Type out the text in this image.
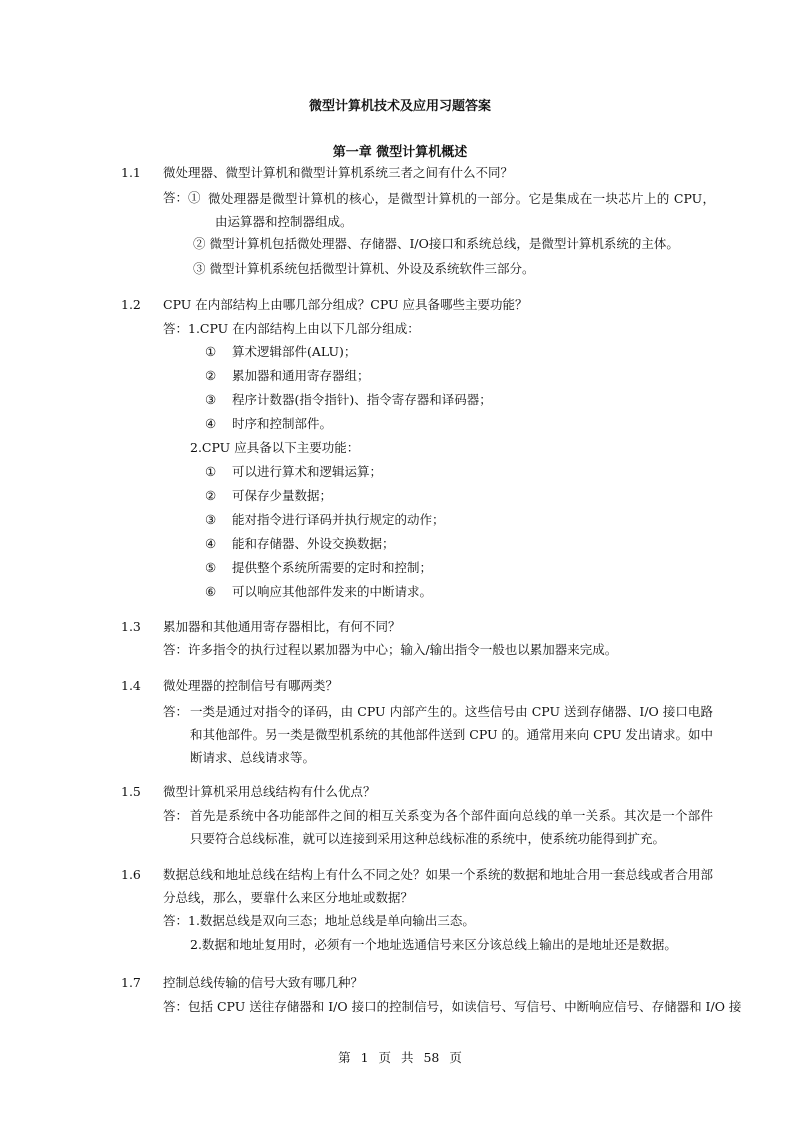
微型计算机技术及应用习题答案
第一章 微型计算机概述
1.1 微处理器、微型计算机和微型计算机系统三者之间有什么不同？
答：① 微处理器是微型计算机的核心，是微型计算机的一部分。它是集成在一块芯片上的 CPU，由运算器和控制器组成。
② 微型计算机包括微处理器、存储器、I/O接口和系统总线，是微型计算机系统的主体。
③ 微型计算机系统包括微型计算机、外设及系统软件三部分。
1.2 CPU 在内部结构上由哪几部分组成？CPU 应具备哪些主要功能？
答：1.CPU 在内部结构上由以下几部分组成：
① 算术逻辑部件(ALU)；
② 累加器和通用寄存器组；
③ 程序计数器(指令指针)、指令寄存器和译码器；
④ 时序和控制部件。
2.CPU 应具备以下主要功能：
① 可以进行算术和逻辑运算；
② 可保存少量数据；
③ 能对指令进行译码并执行规定的动作；
④ 能和存储器、外设交换数据；
⑤ 提供整个系统所需要的定时和控制；
⑥ 可以响应其他部件发来的中断请求。
1.3 累加器和其他通用寄存器相比，有何不同？
答：许多指令的执行过程以累加器为中心；输入/输出指令一般也以累加器来完成。
1.4 微处理器的控制信号有哪两类？
答： 一类是通过对指令的译码，由 CPU 内部产生的。这些信号由 CPU 送到存储器、I/O 接口电路和其他部件。另一类是微型机系统的其他部件送到 CPU 的。通常用来向 CPU 发出请求。如中断请求、总线请求等。
1.5 微型计算机采用总线结构有什么优点？
答： 首先是系统中各功能部件之间的相互关系变为各个部件面向总线的单一关系。其次是一个部件只要符合总线标准，就可以连接到采用这种总线标准的系统中，使系统功能得到扩充。
1.6 数据总线和地址总线在结构上有什么不同之处？如果一个系统的数据和地址合用一套总线或者合用部分总线，那么，要靠什么来区分地址或数据？
答：1.数据总线是双向三态；地址总线是单向输出三态。
2.数据和地址复用时，必须有一个地址选通信号来区分该总线上输出的是地址还是数据。
1.7 控制总线传输的信号大致有哪几种？
答：包括 CPU 送往存储器和 I/O 接口的控制信号，如读信号、写信号、中断响应信号、存储器和 I/O 接
第 1 页 共 58 页
